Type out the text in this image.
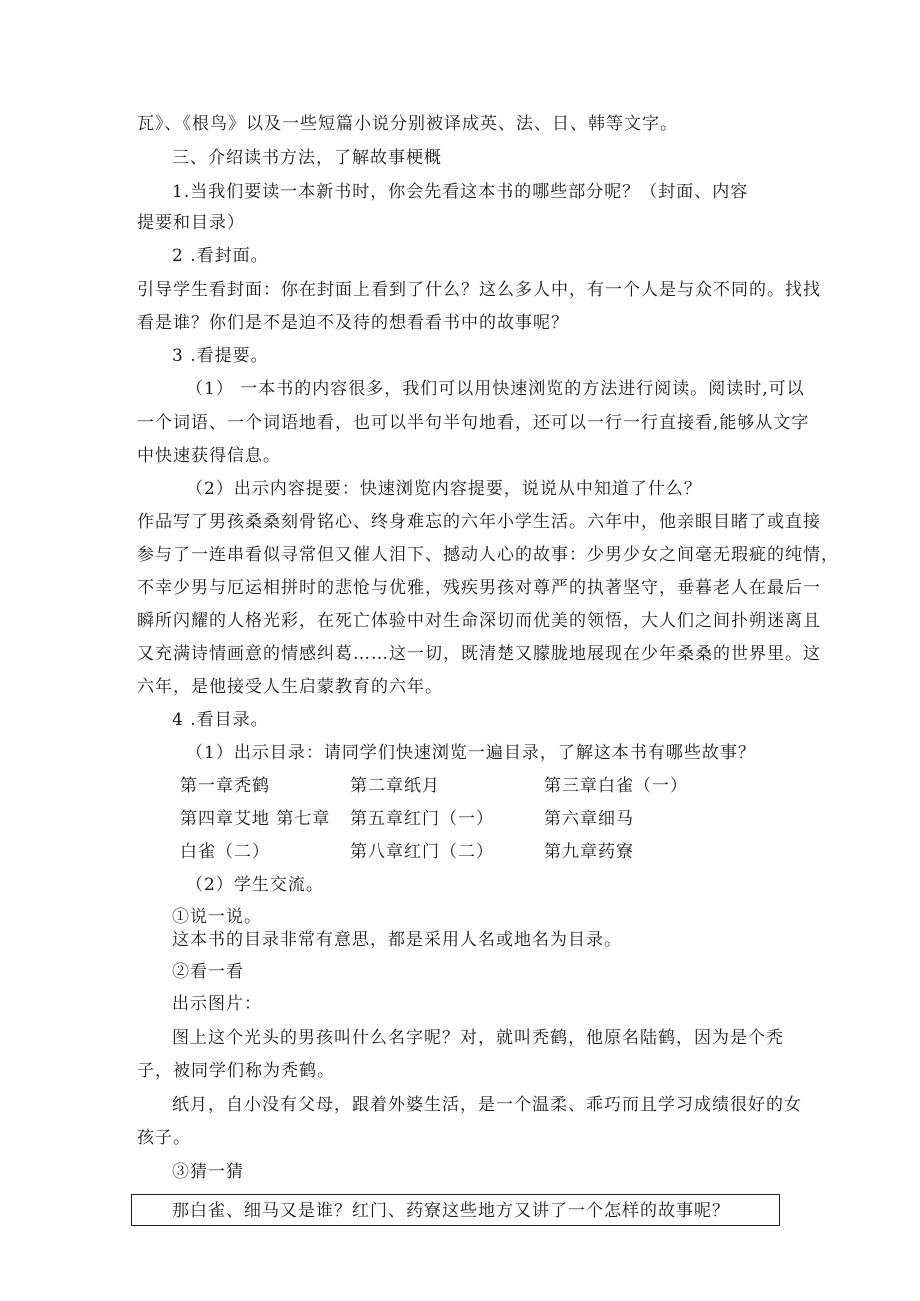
瓦》、《根鸟》以及一些短篇小说分别被译成英、法、日、韩等文字。
三、介绍读书方法，了解故事梗概
1.当我们要读一本新书时，你会先看这本书的哪些部分呢？（封面、内容
提要和目录）
2 .看封面。
引导学生看封面：你在封面上看到了什么？这么多人中，有一个人是与众不同的。找找
看是谁？你们是不是迫不及待的想看看书中的故事呢？
3 .看提要。
（1） 一本书的内容很多，我们可以用快速浏览的方法进行阅读。阅读时,可以
一个词语、一个词语地看，也可以半句半句地看，还可以一行一行直接看,能够从文字
中快速获得信息。
（2）出示内容提要：快速浏览内容提要，说说从中知道了什么？
作品写了男孩桑桑刻骨铭心、终身难忘的六年小学生活。六年中，他亲眼目睹了或直接
参与了一连串看似寻常但又催人泪下、撼动人心的故事：少男少女之间毫无瑕疵的纯情，
不幸少男与厄运相拼时的悲怆与优雅，残疾男孩对尊严的执著坚守，垂暮老人在最后一
瞬所闪耀的人格光彩，在死亡体验中对生命深切而优美的领悟，大人们之间扑朔迷离且
又充满诗情画意的情感纠葛……这一切，既清楚又朦胧地展现在少年桑桑的世界里。这
六年，是他接受人生启蒙教育的六年。
4 .看目录。
（1）出示目录：请同学们快速浏览一遍目录，了解这本书有哪些故事？
第一章秃鹤	第二章纸月	第三章白雀（一）
第四章艾地 第七章 第五章红门（一）	第六章细马
白雀（二）	第八章红门（二）	第九章药寮
（2）学生交流。
①说一说。
这本书的目录非常有意思，都是采用人名或地名为目录。
②看一看
出示图片：
图上这个光头的男孩叫什么名字呢？对，就叫秃鹤，他原名陆鹤，因为是个秃
子，被同学们称为秃鹤。
纸月，自小没有父母，跟着外婆生活，是一个温柔、乖巧而且学习成绩很好的女
孩子。
③猜一猜
那白雀、细马又是谁？红门、药寮这些地方又讲了一个怎样的故事呢？
